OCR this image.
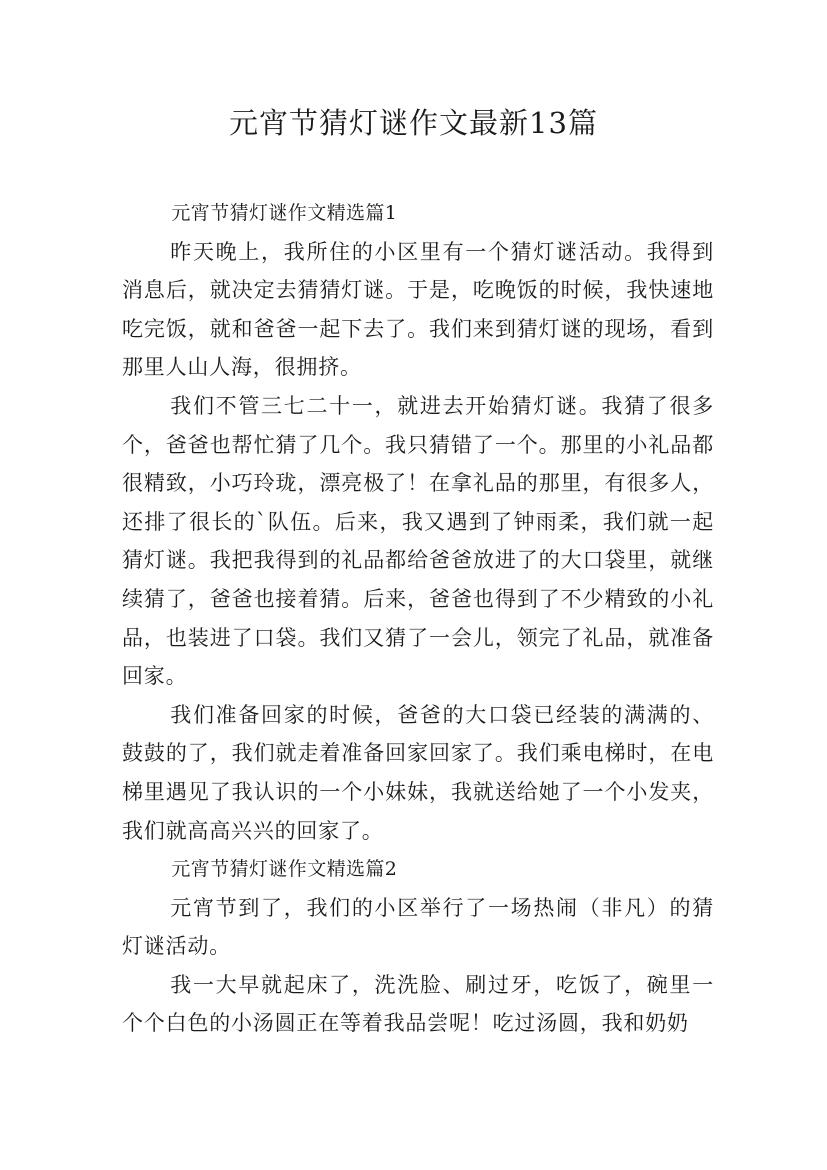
元宵节猜灯谜作文最新13篇

元宵节猜灯谜作文精选篇1

昨天晚上，我所住的小区里有一个猜灯谜活动。我得到消息后，就决定去猜猜灯谜。于是，吃晚饭的时候，我快速地吃完饭，就和爸爸一起下去了。我们来到猜灯谜的现场，看到那里人山人海，很拥挤。

我们不管三七二十一，就进去开始猜灯谜。我猜了很多个，爸爸也帮忙猜了几个。我只猜错了一个。那里的小礼品都很精致，小巧玲珑，漂亮极了！在拿礼品的那里，有很多人，还排了很长的`队伍。后来，我又遇到了钟雨柔，我们就一起猜灯谜。我把我得到的礼品都给爸爸放进了的大口袋里，就继续猜了，爸爸也接着猜。后来，爸爸也得到了不少精致的小礼品，也装进了口袋。我们又猜了一会儿，领完了礼品，就准备回家。

我们准备回家的时候，爸爸的大口袋已经装的满满的、鼓鼓的了，我们就走着准备回家回家了。我们乘电梯时，在电梯里遇见了我认识的一个小妹妹，我就送给她了一个小发夹，我们就高高兴兴的回家了。

元宵节猜灯谜作文精选篇2

元宵节到了，我们的小区举行了一场热闹（非凡）的猜灯谜活动。

我一大早就起床了，洗洗脸、刷过牙，吃饭了，碗里一个个白色的小汤圆正在等着我品尝呢！吃过汤圆，我和奶奶
